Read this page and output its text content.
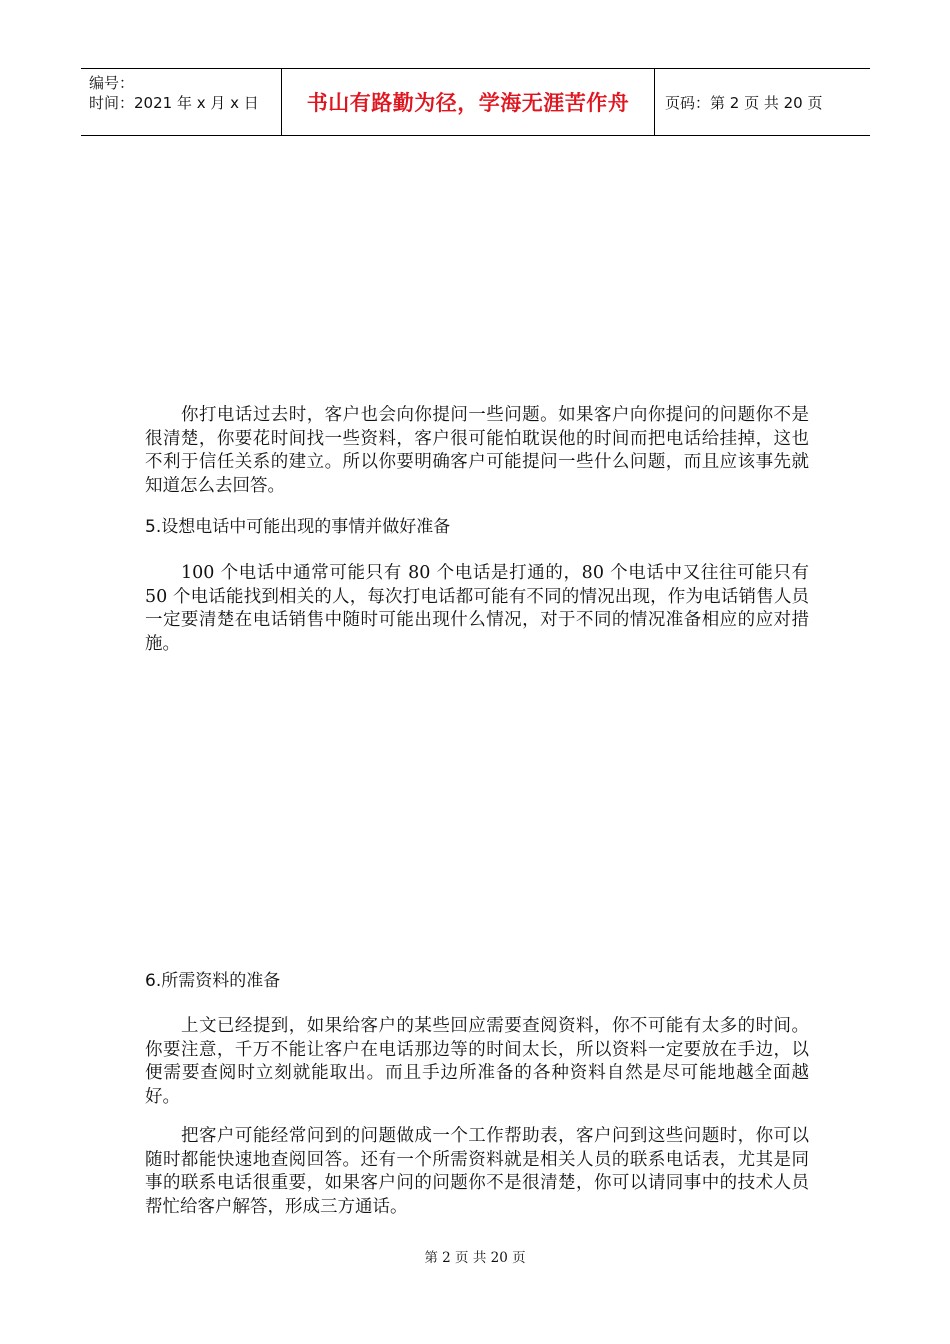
编号：
时间：2021 年 x 月 x 日	书山有路勤为径，学海无涯苦作舟	页码：第 2 页 共 20 页

你打电话过去时，客户也会向你提问一些问题。如果客户向你提问的问题你不是很清楚，你要花时间找一些资料，客户很可能怕耽误他的时间而把电话给挂掉，这也不利于信任关系的建立。所以你要明确客户可能提问一些什么问题，而且应该事先就知道怎么去回答。

5.设想电话中可能出现的事情并做好准备

100 个电话中通常可能只有 80 个电话是打通的，80 个电话中又往往可能只有 50 个电话能找到相关的人，每次打电话都可能有不同的情况出现，作为电话销售人员一定要清楚在电话销售中随时可能出现什么情况，对于不同的情况准备相应的应对措施。

6.所需资料的准备

上文已经提到，如果给客户的某些回应需要查阅资料，你不可能有太多的时间。你要注意，千万不能让客户在电话那边等的时间太长，所以资料一定要放在手边，以便需要查阅时立刻就能取出。而且手边所准备的各种资料自然是尽可能地越全面越好。

把客户可能经常问到的问题做成一个工作帮助表，客户问到这些问题时，你可以随时都能快速地查阅回答。还有一个所需资料就是相关人员的联系电话表，尤其是同事的联系电话很重要，如果客户问的问题你不是很清楚，你可以请同事中的技术人员帮忙给客户解答，形成三方通话。

第 2 页 共 20 页
